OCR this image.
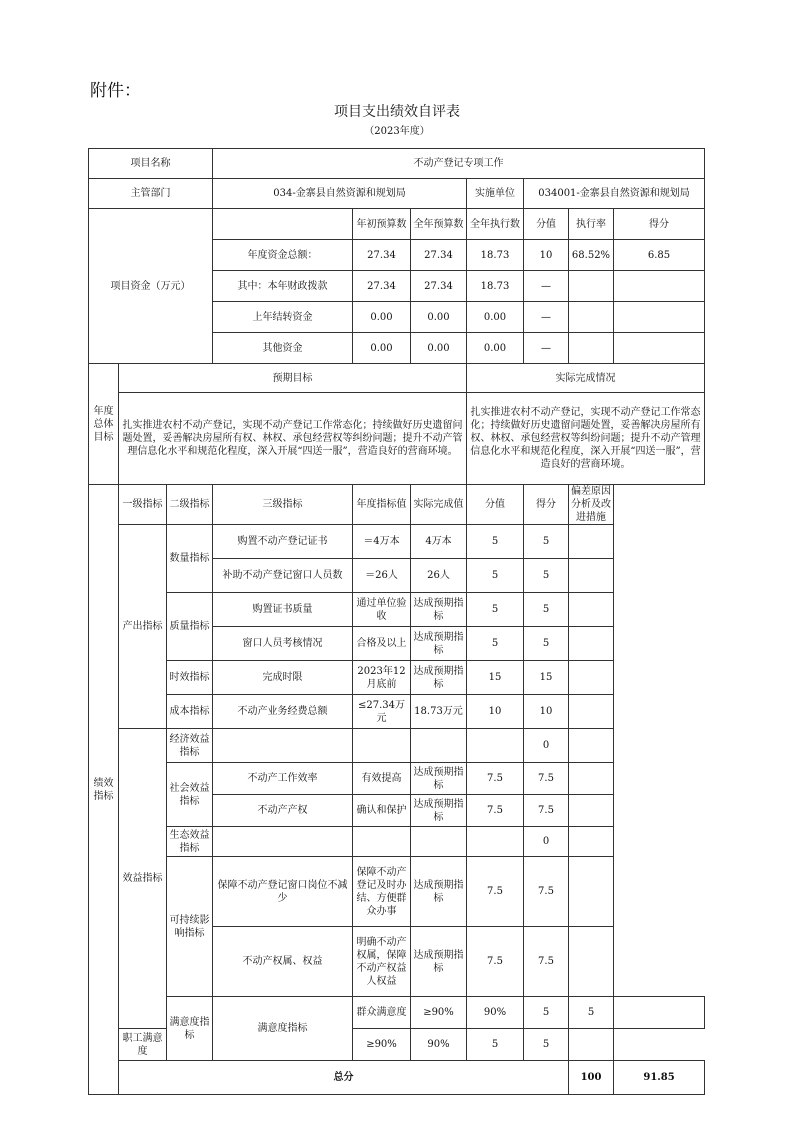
附件：
项目支出绩效自评表
（2023年度）
项目名称			不动产登记专项工作							
主管部门			034-金寨县自然资源和规划局			实施单位	034001-金寨县自然资源和规划局			
项目资金（万元）				年初预算数	全年预算数	全年执行数	分值	执行率	得分	
			年度资金总额：	27.34	27.34	18.73	10	68.52%	6.85	
			其中：本年财政拨款	27.34	27.34	18.73	—			
			上年结转资金	0.00	0.00	0.00	—			
			其他资金	0.00	0.00	0.00	—			
年度总体目标	预期目标					实际完成情况				
	扎实推进农村不动产登记，实现不动产登记工作常态化；持续做好历史遗留问题处置，妥善解决房屋所有权、林权、承包经营权等纠纷问题；提升不动产管理信息化水平和规范化程度，深入开展“四送一服”，营造良好的营商环境。					扎实推进农村不动产登记，实现不动产登记工作常态化；持续做好历史遗留问题处置，妥善解决房屋所有权、林权、承包经营权等纠纷问题；提升不动产管理信息化水平和规范化程度，深入开展“四送一服”，营造良好的营商环境。				
绩效指标	一级指标	二级指标	三级指标	年度指标值	实际完成值	分值	得分	偏差原因分析及改进措施		
	产出指标	数量指标	购置不动产登记证书	＝4万本	4万本	5	5			
			补助不动产登记窗口人员数	＝26人	26人	5	5			
		质量指标	购置证书质量	通过单位验收	达成预期指标	5	5			
			窗口人员考核情况	合格及以上	达成预期指标	5	5			
		时效指标	完成时限	2023年12月底前	达成预期指标	15	15			
		成本指标	不动产业务经费总额	≤27.34万元	18.73万元	10	10			
	效益指标	经济效益指标					0			
		社会效益指标	不动产工作效率	有效提高	达成预期指标	7.5	7.5			
			不动产产权	确认和保护	达成预期指标	7.5	7.5			
		生态效益指标					0			
		可持续影响指标	保障不动产登记窗口岗位不减少	保障不动产登记及时办结、方便群众办事	达成预期指标	7.5	7.5			
			不动产权属、权益	明确不动产权属，保障不动产权益人权益	达成预期指标	7.5	7.5			
		满意度指标	满意度指标	群众满意度	≥90%	90%	5	5		
	职工满意度			≥90%	90%	5	5			
	总分							100	91.85	
